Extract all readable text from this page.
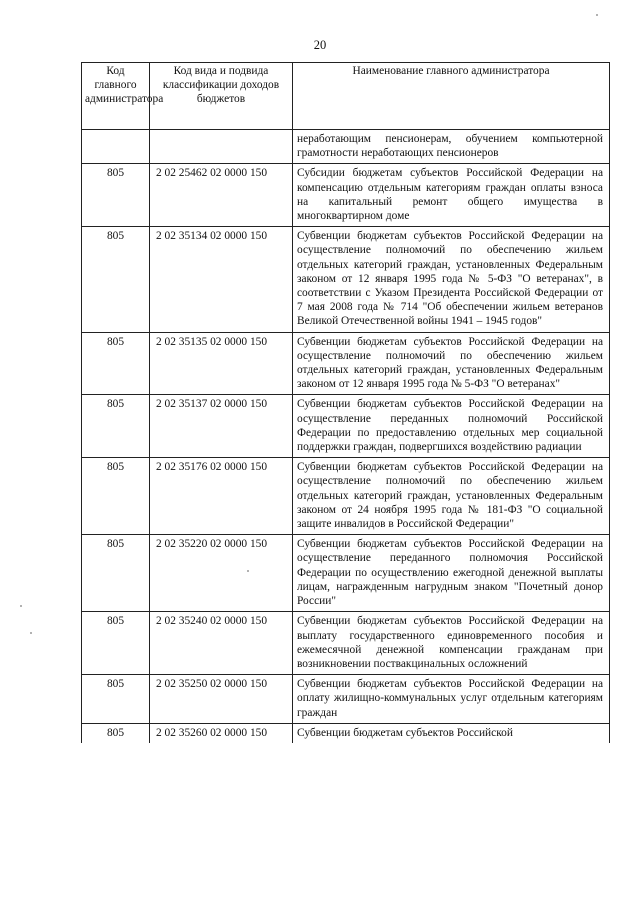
20
Код главного администратора	Код вида и подвида классификации доходов бюджетов	Наименование главного администратора
		неработающим пенсионерам, обучением компьютерной грамотности неработающих пенсионеров
805	2 02 25462 02 0000 150	Субсидии бюджетам субъектов Российской Федерации на компенсацию отдельным категориям граждан оплаты взноса на капитальный ремонт общего имущества в многоквартирном доме
805	2 02 35134 02 0000 150	Субвенции бюджетам субъектов Российской Федерации на осуществление полномочий по обеспечению жильем отдельных категорий граждан, установленных Федеральным законом от 12 января 1995 года № 5-ФЗ "О ветеранах", в соответствии с Указом Президента Российской Федерации от 7 мая 2008 года № 714 "Об обеспечении жильем ветеранов Великой Отечественной войны 1941 – 1945 годов"
805	2 02 35135 02 0000 150	Субвенции бюджетам субъектов Российской Федерации на осуществление полномочий по обеспечению жильем отдельных категорий граждан, установленных Федеральным законом от 12 января 1995 года № 5-ФЗ "О ветеранах"
805	2 02 35137 02 0000 150	Субвенции бюджетам субъектов Российской Федерации на осуществление переданных полномочий Российской Федерации по предоставлению отдельных мер социальной поддержки граждан, подвергшихся воздействию радиации
805	2 02 35176 02 0000 150	Субвенции бюджетам субъектов Российской Федерации на осуществление полномочий по обеспечению жильем отдельных категорий граждан, установленных Федеральным законом от 24 ноября 1995 года № 181-ФЗ "О социальной защите инвалидов в Российской Федерации"
805	2 02 35220 02 0000 150	Субвенции бюджетам субъектов Российской Федерации на осуществление переданного полномочия Российской Федерации по осуществлению ежегодной денежной выплаты лицам, награжденным нагрудным знаком "Почетный донор России"
805	2 02 35240 02 0000 150	Субвенции бюджетам субъектов Российской Федерации на выплату государственного единовременного пособия и ежемесячной денежной компенсации гражданам при возникновении поствакцинальных осложнений
805	2 02 35250 02 0000 150	Субвенции бюджетам субъектов Российской Федерации на оплату жилищно-коммунальных услуг отдельным категориям граждан
805	2 02 35260 02 0000 150	Субвенции бюджетам субъектов Российской
